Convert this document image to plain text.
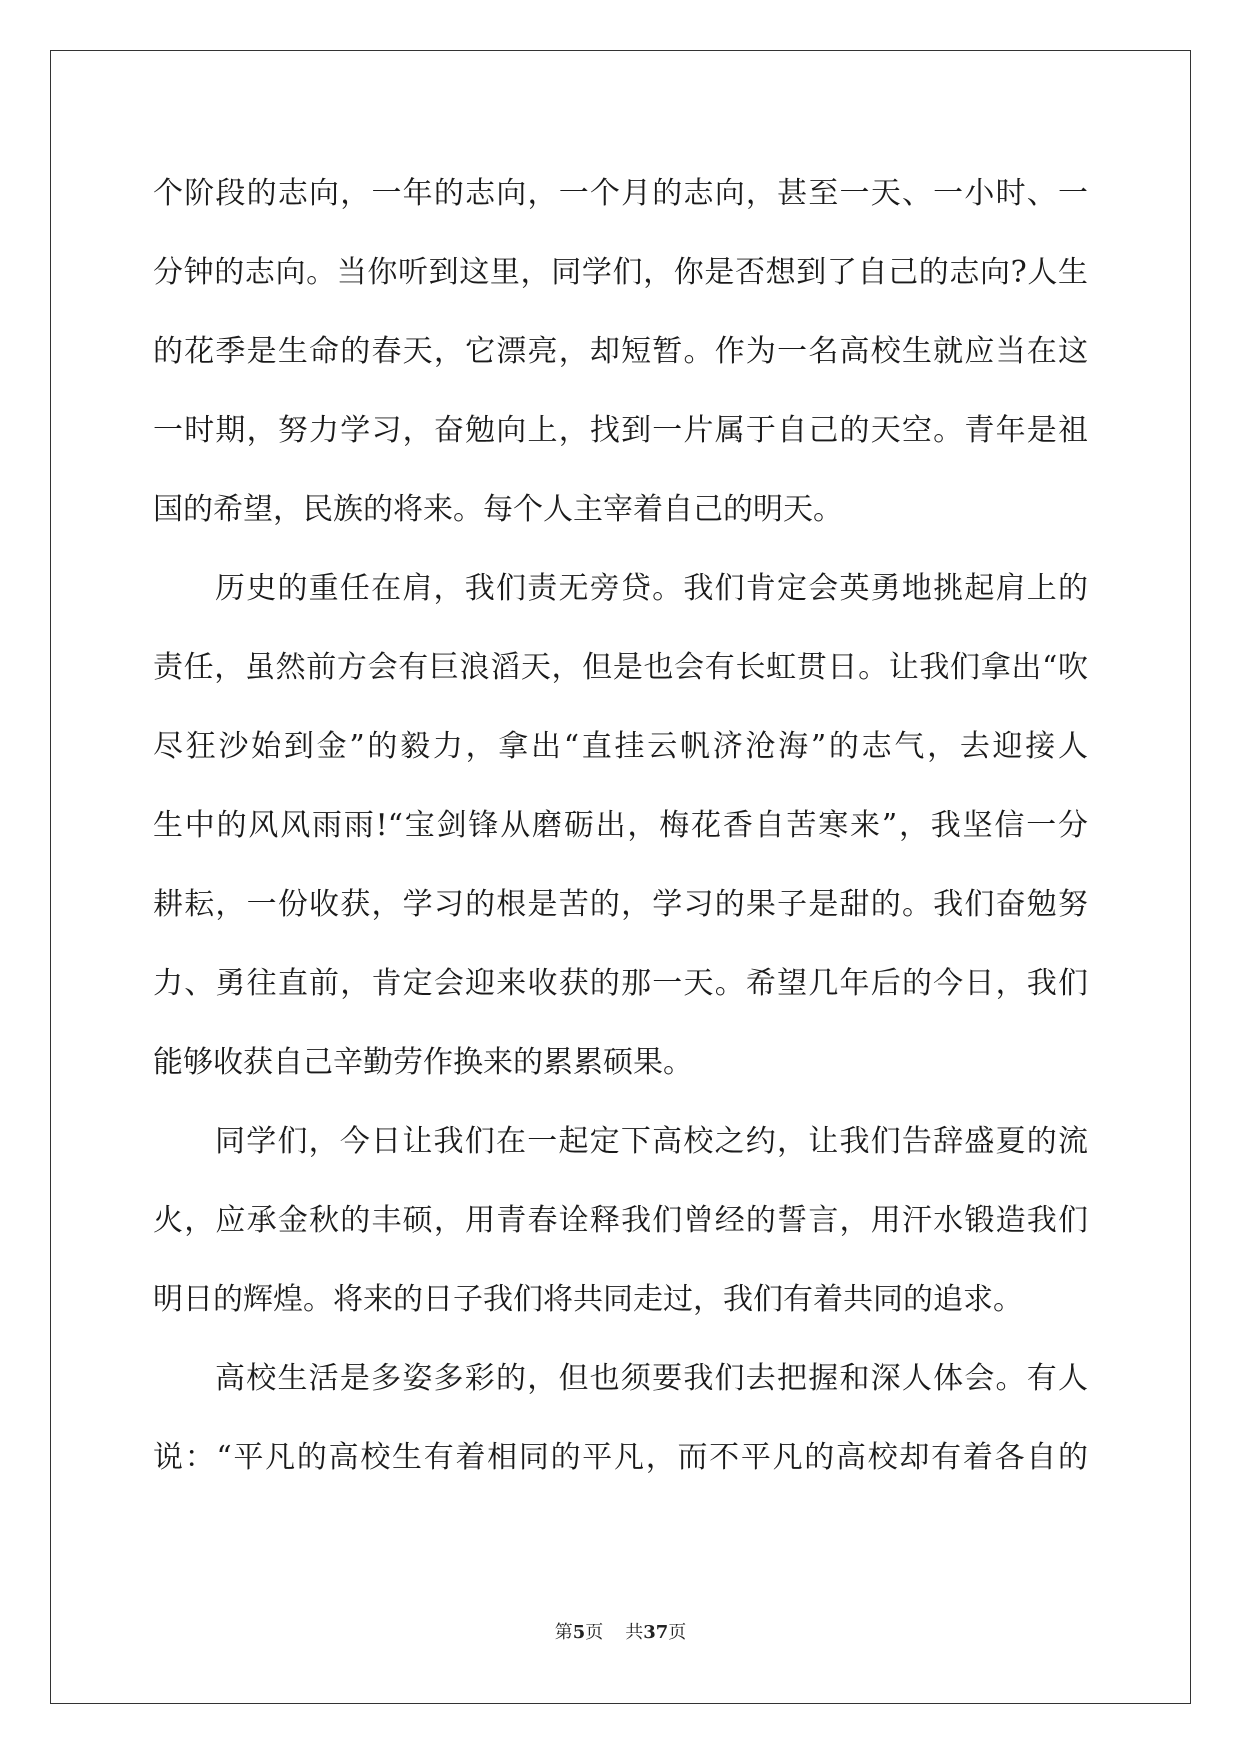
个阶段的志向，一年的志向，一个月的志向，甚至一天、一小时、一
分钟的志向。当你听到这里，同学们，你是否想到了自己的志向?人生
的花季是生命的春天，它漂亮，却短暂。作为一名高校生就应当在这
一时期，努力学习，奋勉向上，找到一片属于自己的天空。青年是祖
国的希望，民族的将来。每个人主宰着自己的明天。
历史的重任在肩，我们责无旁贷。我们肯定会英勇地挑起肩上的
责任，虽然前方会有巨浪滔天，但是也会有长虹贯日。让我们拿出“吹
尽狂沙始到金”的毅力，拿出“直挂云帆济沧海”的志气，去迎接人
生中的风风雨雨!“宝剑锋从磨砺出，梅花香自苦寒来”，我坚信一分
耕耘，一份收获，学习的根是苦的，学习的果子是甜的。我们奋勉努
力、勇往直前，肯定会迎来收获的那一天。希望几年后的今日，我们
能够收获自己辛勤劳作换来的累累硕果。
同学们，今日让我们在一起定下高校之约，让我们告辞盛夏的流
火，应承金秋的丰硕，用青春诠释我们曾经的誓言，用汗水锻造我们
明日的辉煌。将来的日子我们将共同走过，我们有着共同的追求。
高校生活是多姿多彩的，但也须要我们去把握和深人体会。有人
说：“平凡的高校生有着相同的平凡，而不平凡的高校却有着各自的
第5页 共37页
